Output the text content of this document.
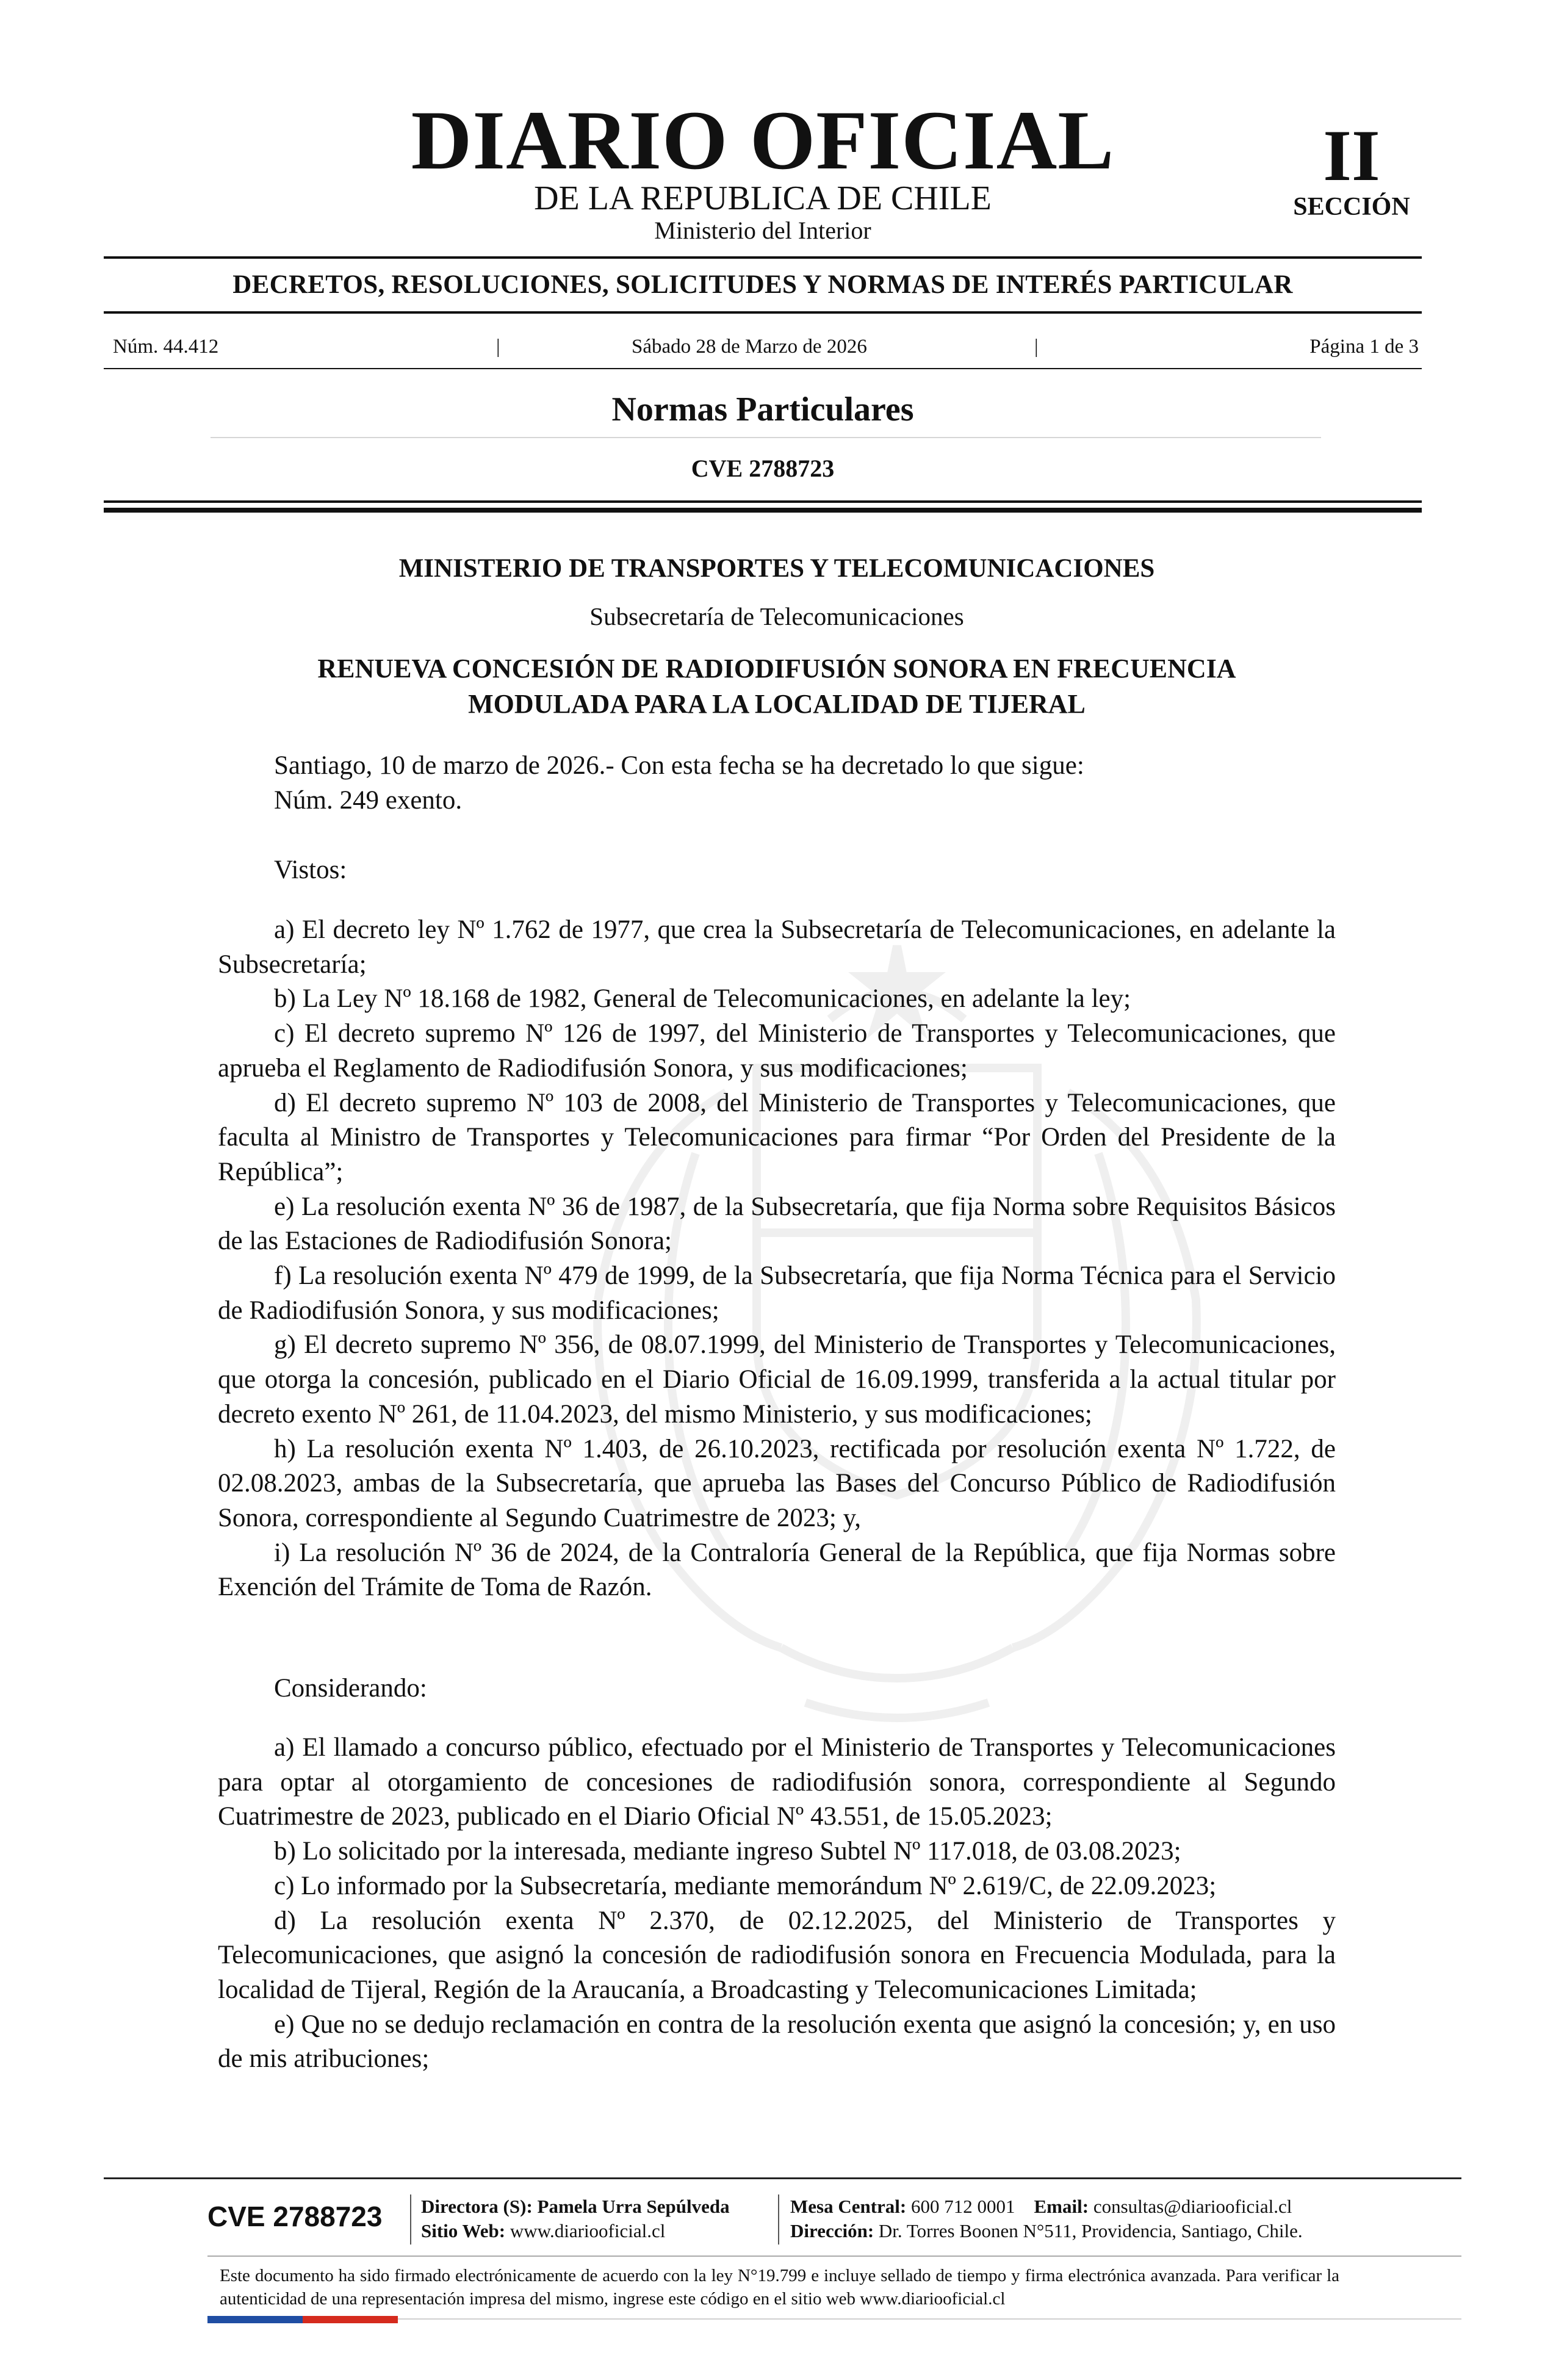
DIARIO OFICIAL
DE LA REPUBLICA DE CHILE
Ministerio del Interior
II
SECCIÓN
DECRETOS, RESOLUCIONES, SOLICITUDES Y NORMAS DE INTERÉS PARTICULAR
Núm. 44.412	|	Sábado 28 de Marzo de 2026	|	Página 1 de 3
Normas Particulares
CVE 2788723
MINISTERIO DE TRANSPORTES Y TELECOMUNICACIONES
Subsecretaría de Telecomunicaciones
RENUEVA CONCESIÓN DE RADIODIFUSIÓN SONORA EN FRECUENCIA
MODULADA PARA LA LOCALIDAD DE TIJERAL

Santiago, 10 de marzo de 2026.- Con esta fecha se ha decretado lo que sigue:

Núm. 249 exento.

Vistos:

a) El decreto ley Nº 1.762 de 1977, que crea la Subsecretaría de Telecomunicaciones, en adelante la Subsecretaría;

b) La Ley Nº 18.168 de 1982, General de Telecomunicaciones, en adelante la ley;

c) El decreto supremo Nº 126 de 1997, del Ministerio de Transportes y Telecomunicaciones, que aprueba el Reglamento de Radiodifusión Sonora, y sus modificaciones;

d) El decreto supremo Nº 103 de 2008, del Ministerio de Transportes y Telecomunicaciones, que faculta al Ministro de Transportes y Telecomunicaciones para firmar “Por Orden del Presidente de la República”;

e) La resolución exenta Nº 36 de 1987, de la Subsecretaría, que fija Norma sobre Requisitos Básicos de las Estaciones de Radiodifusión Sonora;

f) La resolución exenta Nº 479 de 1999, de la Subsecretaría, que fija Norma Técnica para el Servicio de Radiodifusión Sonora, y sus modificaciones;

g) El decreto supremo Nº 356, de 08.07.1999, del Ministerio de Transportes y Telecomunicaciones, que otorga la concesión, publicado en el Diario Oficial de 16.09.1999, transferida a la actual titular por decreto exento Nº 261, de 11.04.2023, del mismo Ministerio, y sus modificaciones;

h) La resolución exenta Nº 1.403, de 26.10.2023, rectificada por resolución exenta Nº 1.722, de 02.08.2023, ambas de la Subsecretaría, que aprueba las Bases del Concurso Público de Radiodifusión Sonora, correspondiente al Segundo Cuatrimestre de 2023; y,

i) La resolución Nº 36 de 2024, de la Contraloría General de la República, que fija Normas sobre Exención del Trámite de Toma de Razón.

Considerando:

a) El llamado a concurso público, efectuado por el Ministerio de Transportes y Telecomunicaciones para optar al otorgamiento de concesiones de radiodifusión sonora, correspondiente al Segundo Cuatrimestre de 2023, publicado en el Diario Oficial Nº 43.551, de 15.05.2023;

b) Lo solicitado por la interesada, mediante ingreso Subtel Nº 117.018, de 03.08.2023;

c) Lo informado por la Subsecretaría, mediante memorándum Nº 2.619/C, de 22.09.2023;

d) La resolución exenta Nº 2.370, de 02.12.2025, del Ministerio de Transportes y Telecomunicaciones, que asignó la concesión de radiodifusión sonora en Frecuencia Modulada, para la localidad de Tijeral, Región de la Araucanía, a Broadcasting y Telecomunicaciones Limitada;

e) Que no se dedujo reclamación en contra de la resolución exenta que asignó la concesión; y, en uso de mis atribuciones;

CVE 2788723 Directora (S): Pamela Urra Sepúlveda
Sitio Web: www.diariooficial.cl
Mesa Central: 600 712 0001 Email: consultas@diariooficial.cl
Dirección: Dr. Torres Boonen N°511, Providencia, Santiago, Chile.
Este documento ha sido firmado electrónicamente de acuerdo con la ley N°19.799 e incluye sellado de tiempo y firma electrónica avanzada. Para verificar la autenticidad de una representación impresa del mismo, ingrese este código en el sitio web www.diariooficial.cl
